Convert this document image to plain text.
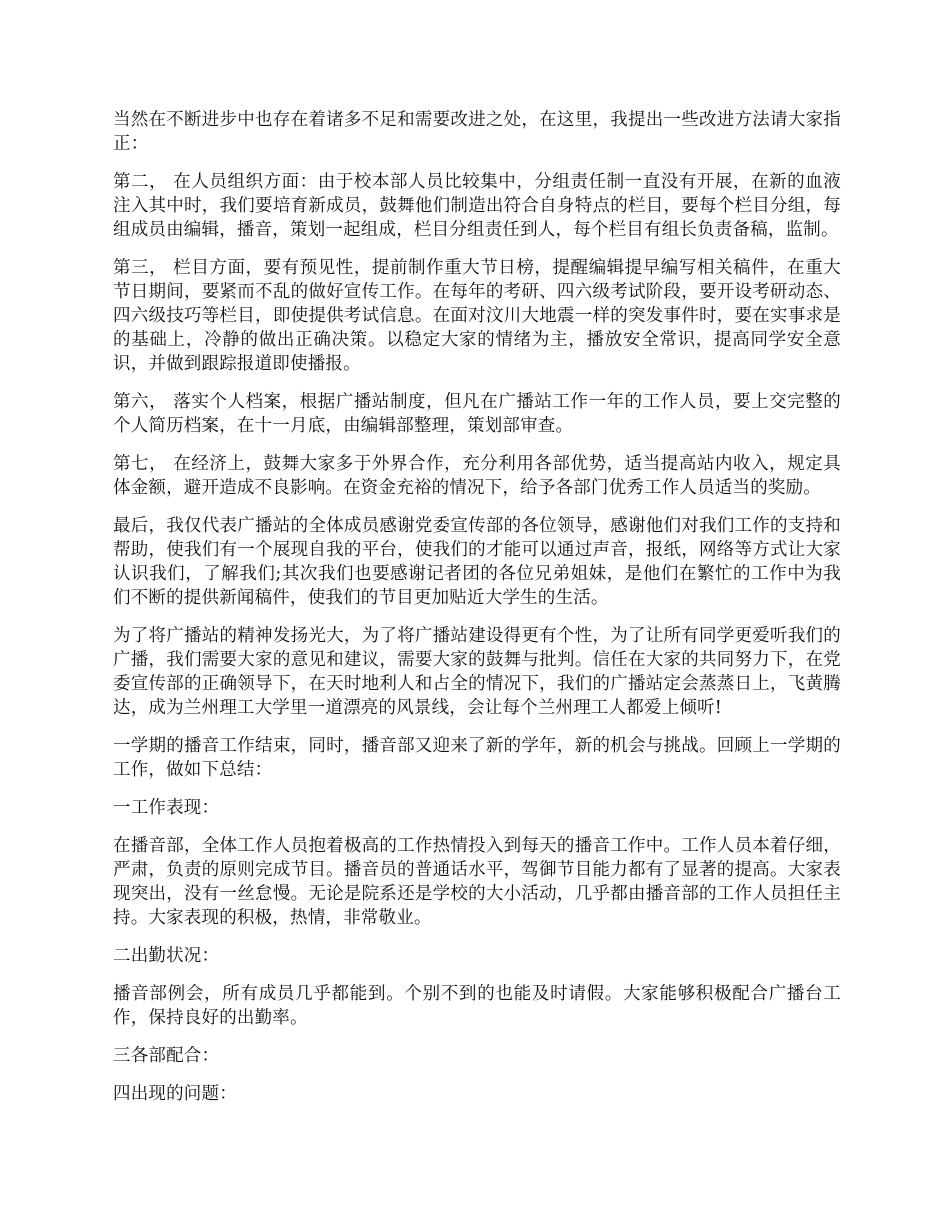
当然在不断进步中也存在着诸多不足和需要改进之处，在这里，我提出一些改进方法请大家指正：

第二， 在人员组织方面：由于校本部人员比较集中，分组责任制一直没有开展，在新的血液注入其中时，我们要培育新成员，鼓舞他们制造出符合自身特点的栏目，要每个栏目分组，每组成员由编辑，播音，策划一起组成，栏目分组责任到人，每个栏目有组长负责备稿，监制。

第三， 栏目方面，要有预见性，提前制作重大节日榜，提醒编辑提早编写相关稿件，在重大节日期间，要紧而不乱的做好宣传工作。在每年的考研、四六级考试阶段，要开设考研动态、四六级技巧等栏目，即使提供考试信息。在面对汶川大地震一样的突发事件时，要在实事求是的基础上，冷静的做出正确决策。以稳定大家的情绪为主，播放安全常识，提高同学安全意识，并做到跟踪报道即使播报。

第六， 落实个人档案，根据广播站制度，但凡在广播站工作一年的工作人员，要上交完整的个人简历档案，在十一月底，由编辑部整理，策划部审查。

第七， 在经济上，鼓舞大家多于外界合作，充分利用各部优势，适当提高站内收入，规定具体金额，避开造成不良影响。在资金充裕的情况下，给予各部门优秀工作人员适当的奖励。

最后，我仅代表广播站的全体成员感谢党委宣传部的各位领导，感谢他们对我们工作的支持和帮助，使我们有一个展现自我的平台，使我们的才能可以通过声音，报纸，网络等方式让大家认识我们，了解我们;其次我们也要感谢记者团的各位兄弟姐妹，是他们在繁忙的工作中为我们不断的提供新闻稿件，使我们的节目更加贴近大学生的生活。

为了将广播站的精神发扬光大，为了将广播站建设得更有个性，为了让所有同学更爱听我们的广播，我们需要大家的意见和建议，需要大家的鼓舞与批判。信任在大家的共同努力下，在党委宣传部的正确领导下，在天时地利人和占全的情况下，我们的广播站定会蒸蒸日上，飞黄腾达，成为兰州理工大学里一道漂亮的风景线，会让每个兰州理工人都爱上倾听!

一学期的播音工作结束，同时，播音部又迎来了新的学年，新的机会与挑战。回顾上一学期的工作，做如下总结：

一工作表现：

在播音部，全体工作人员抱着极高的工作热情投入到每天的播音工作中。工作人员本着仔细，严肃，负责的原则完成节目。播音员的普通话水平，驾御节目能力都有了显著的提高。大家表现突出，没有一丝怠慢。无论是院系还是学校的大小活动，几乎都由播音部的工作人员担任主持。大家表现的积极，热情，非常敬业。

二出勤状况：

播音部例会，所有成员几乎都能到。个别不到的也能及时请假。大家能够积极配合广播台工作，保持良好的出勤率。

三各部配合：

四出现的问题：
